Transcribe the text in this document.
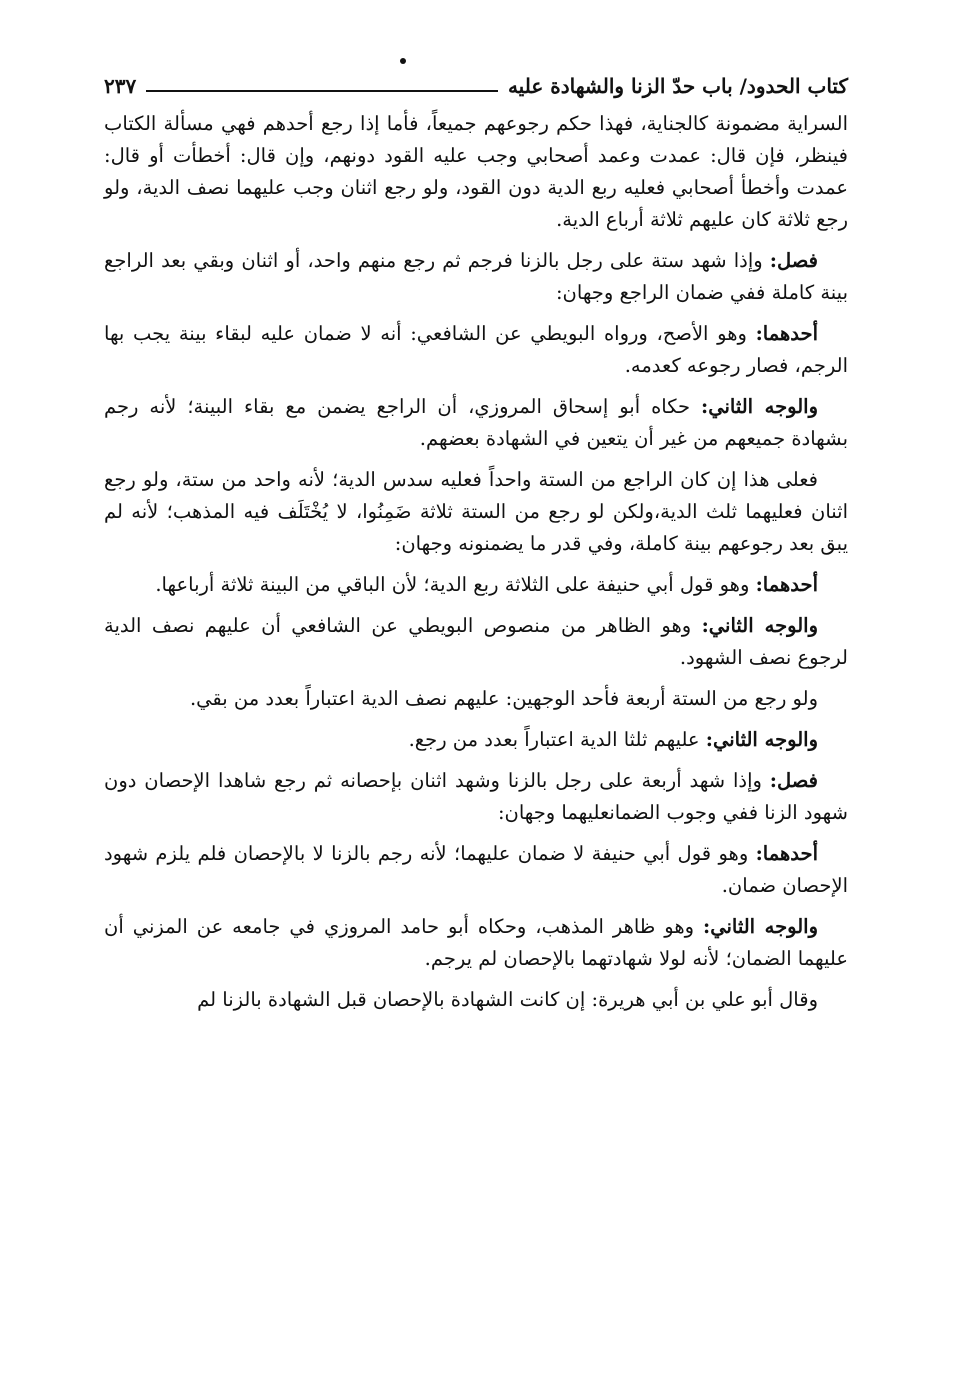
كتاب الحدود/ باب حدّ الزنا والشهادة عليه
٢٣٧

السراية مضمونة كالجناية، فهذا حكم رجوعهم جميعاً، فأما إذا رجع أحدهم فهي مسألة الكتاب فينظر، فإن قال: عمدت وعمد أصحابي وجب عليه القود دونهم، وإن قال: أخطأت أو قال: عمدت وأخطأ أصحابي فعليه ربع الدية دون القود، ولو رجع اثنان وجب عليهما نصف الدية، ولو رجع ثلاثة كان عليهم ثلاثة أرباع الدية.

فصل: وإذا شهد ستة على رجل بالزنا فرجم ثم رجع منهم واحد، أو اثنان وبقي بعد الراجع بينة كاملة ففي ضمان الراجع وجهان:

أحدهما: وهو الأصح، ورواه البويطي عن الشافعي: أنه لا ضمان عليه لبقاء بينة يجب بها الرجم، فصار رجوعه كعدمه.

والوجه الثاني: حكاه أبو إسحاق المروزي، أن الراجع يضمن مع بقاء البينة؛ لأنه رجم بشهادة جميعهم من غير أن يتعين في الشهادة بعضهم.

فعلى هذا إن كان الراجع من الستة واحداً فعليه سدس الدية؛ لأنه واحد من ستة، ولو رجع اثنان فعليهما ثلث الدية،ولكن لو رجع من الستة ثلاثة ضَمِنُوا، لا يُخْتَلَف فيه المذهب؛ لأنه لم يبق بعد رجوعهم بينة كاملة، وفي قدر ما يضمنونه وجهان:

أحدهما: وهو قول أبي حنيفة على الثلاثة ربع الدية؛ لأن الباقي من البينة ثلاثة أرباعها.

والوجه الثاني: وهو الظاهر من منصوص البويطي عن الشافعي أن عليهم نصف الدية لرجوع نصف الشهود.

ولو رجع من الستة أربعة فأحد الوجهين: عليهم نصف الدية اعتباراً بعدد من بقي.

والوجه الثاني: عليهم ثلثا الدية اعتباراً بعدد من رجع.

فصل: وإذا شهد أربعة على رجل بالزنا وشهد اثنان بإحصانه ثم رجع شاهدا الإحصان دون شهود الزنا ففي وجوب الضمانعليهما وجهان:

أحدهما: وهو قول أبي حنيفة لا ضمان عليهما؛ لأنه رجم بالزنا لا بالإحصان فلم يلزم شهود الإحصان ضمان.

والوجه الثاني: وهو ظاهر المذهب، وحكاه أبو حامد المروزي في جامعه عن المزني أن عليهما الضمان؛ لأنه لولا شهادتهما بالإحصان لم يرجم.

وقال أبو علي بن أبي هريرة: إن كانت الشهادة بالإحصان قبل الشهادة بالزنا لم
